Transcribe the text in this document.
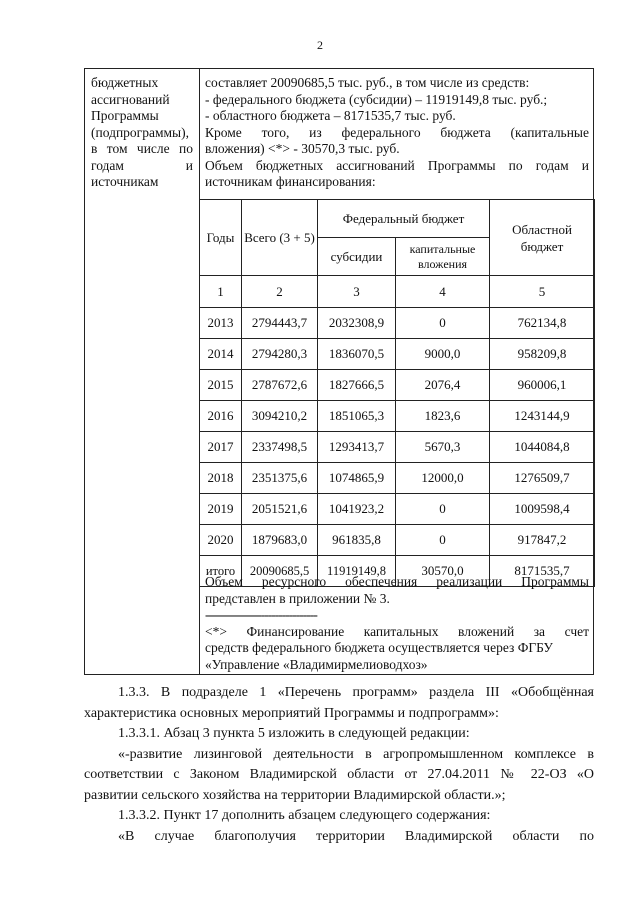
2
бюджетных
ассигнований
Программы
(подпрограммы),
в том числе по
годам и
источникам
составляет 20090685,5 тыс. руб., в том числе из средств:
- федерального бюджета (субсидии) – 11919149,8 тыс. руб.;
- областного бюджета – 8171535,7 тыс. руб.
Кроме того, из федерального бюджета (капитальные
вложения) <*> - 30570,3 тыс. руб.
Объем бюджетных ассигнований Программы по годам и
источникам финансирования:
Годы	Всего (3 + 5)	Федеральный бюджет		Областной бюджет
		субсидии	капитальные вложения	
1	2	3	4	5
2013	2794443,7	2032308,9	0	762134,8
2014	2794280,3	1836070,5	9000,0	958209,8
2015	2787672,6	1827666,5	2076,4	960006,1
2016	3094210,2	1851065,3	1823,6	1243144,9
2017	2337498,5	1293413,7	5670,3	1044084,8
2018	2351375,6	1074865,9	12000,0	1276509,7
2019	2051521,6	1041923,2	0	1009598,4
2020	1879683,0	961835,8	0	917847,2
итого	20090685,5	11919149,8	30570,0	8171535,7
Объем ресурсного обеспечения реализации Программы
представлен в приложении № 3.
--------------------------------
<*> Финансирование капитальных вложений за счет
средств федерального бюджета осуществляется через ФГБУ
«Управление «Владимирмелиоводхоз»
1.3.3. В подразделе 1 «Перечень программ» раздела III «Обобщённая
характеристика основных мероприятий Программы и подпрограмм»:
1.3.3.1. Абзац 3 пункта 5 изложить в следующей редакции:
«-развитие лизинговой деятельности в агропромышленном комплексе в
соответствии с Законом Владимирской области от 27.04.2011 № 22-ОЗ «О
развитии сельского хозяйства на территории Владимирской области.»;
1.3.3.2. Пункт 17 дополнить абзацем следующего содержания:
«В случае благополучия территории Владимирской области по
